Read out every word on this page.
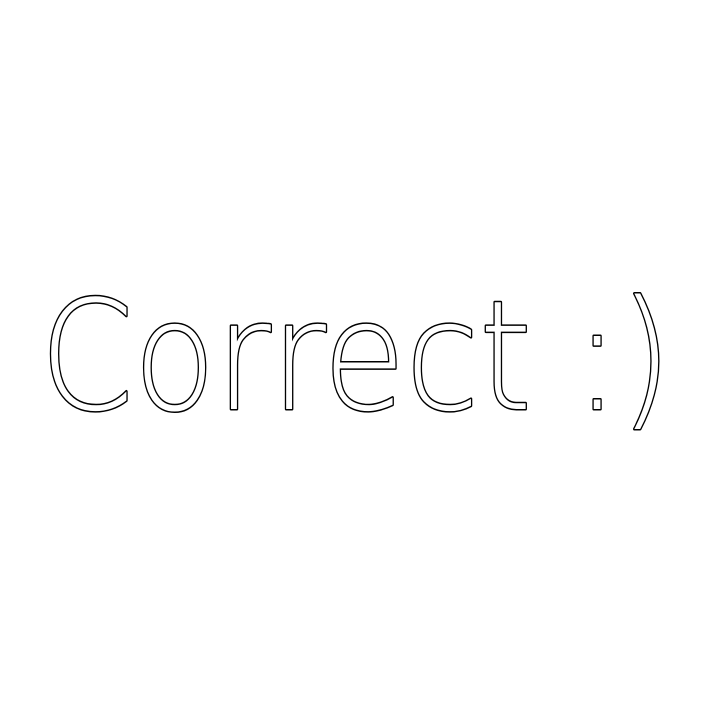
Correct :)
